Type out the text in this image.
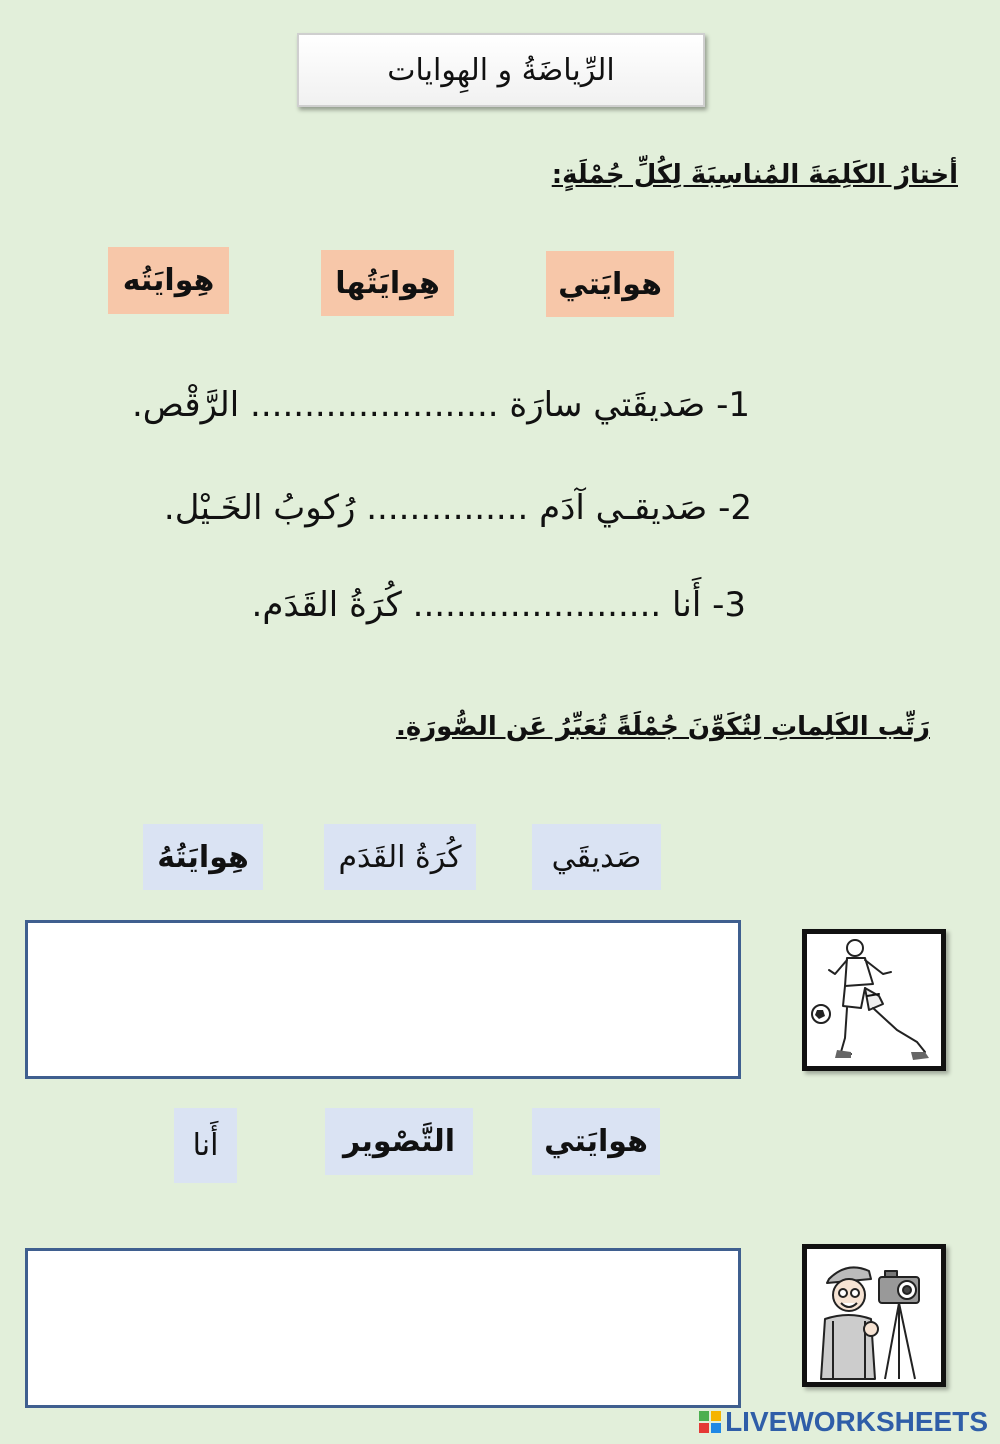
الرِّياضَةُ و الهِوايات
أختارُ الكَلِمَةَ المُناسِبَةَ لِكُلِّ جُمْلَةٍ:
هوايَتي
هِوايَتُها
هِوايَتُه
1- صَديقَتي سارَة ....................... الرَّقْص.
2- صَديقـي آدَم ............... رُكوبُ الخَـيْل.
3- أَنا ....................... كُرَةُ القَدَم.
رَتِّب الكَلِماتِ لِتُكَوِّنَ جُمْلَةً تُعَبِّرُ عَن الصُّورَةِ.
صَديقَي
كُرَةُ القَدَم
هِوايَتُهُ
هوايَتي
التَّصْوير
أَنا
LIVEWORKSHEETS
